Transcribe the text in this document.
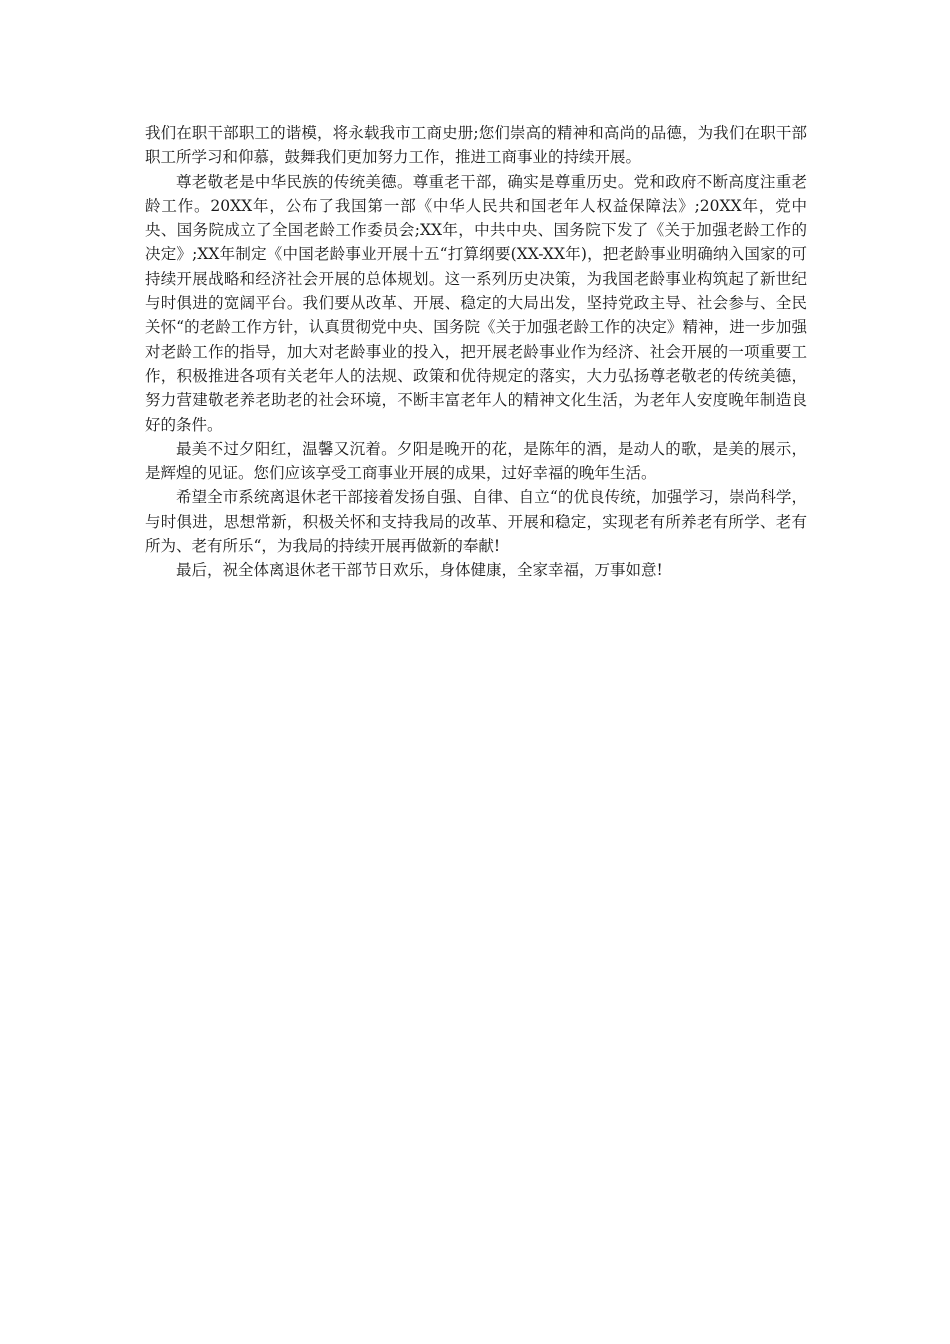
我们在职干部职工的谐模，将永载我市工商史册;您们崇高的精神和高尚的品德，为我们在职干部职工所学习和仰慕，鼓舞我们更加努力工作，推进工商事业的持续开展。

尊老敬老是中华民族的传统美德。尊重老干部，确实是尊重历史。党和政府不断高度注重老龄工作。20XX年，公布了我国第一部《中华人民共和国老年人权益保障法》;20XX年，党中央、国务院成立了全国老龄工作委员会;XX年，中共中央、国务院下发了《关于加强老龄工作的决定》;XX年制定《中国老龄事业开展十五“打算纲要(XX-XX年)，把老龄事业明确纳入国家的可持续开展战略和经济社会开展的总体规划。这一系列历史决策，为我国老龄事业构筑起了新世纪与时俱进的宽阔平台。我们要从改革、开展、稳定的大局出发，坚持党政主导、社会参与、全民关怀“的老龄工作方针，认真贯彻党中央、国务院《关于加强老龄工作的决定》精神，进一步加强对老龄工作的指导，加大对老龄事业的投入，把开展老龄事业作为经济、社会开展的一项重要工作，积极推进各项有关老年人的法规、政策和优待规定的落实，大力弘扬尊老敬老的传统美德，努力营建敬老养老助老的社会环境，不断丰富老年人的精神文化生活，为老年人安度晚年制造良好的条件。

最美不过夕阳红，温馨又沉着。夕阳是晚开的花，是陈年的酒，是动人的歌，是美的展示，是辉煌的见证。您们应该享受工商事业开展的成果，过好幸福的晚年生活。

希望全市系统离退休老干部接着发扬自强、自律、自立“的优良传统，加强学习，崇尚科学，与时俱进，思想常新，积极关怀和支持我局的改革、开展和稳定，实现老有所养老有所学、老有所为、老有所乐“，为我局的持续开展再做新的奉献!

最后，祝全体离退休老干部节日欢乐，身体健康，全家幸福，万事如意!
